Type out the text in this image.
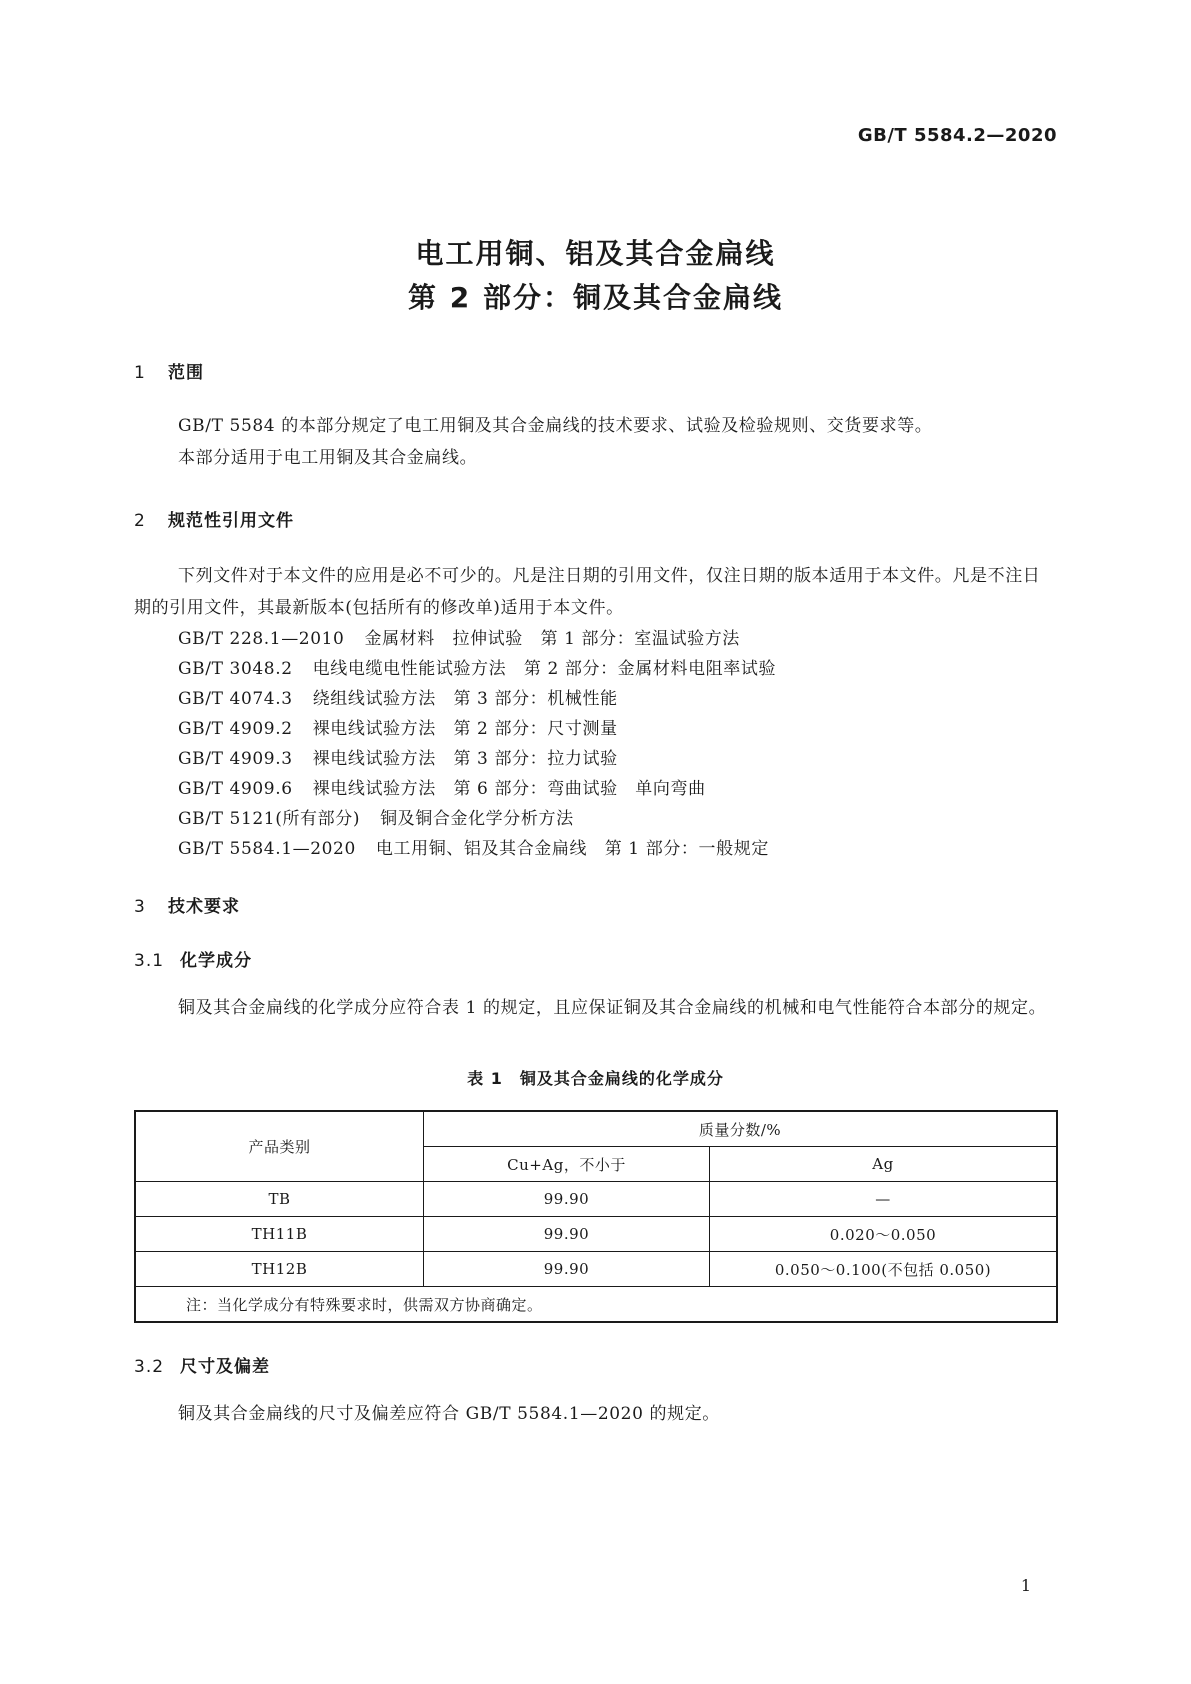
GB/T 5584.2—2020
电工用铜、铝及其合金扁线
第 2 部分：铜及其合金扁线
1 范围
GB/T 5584 的本部分规定了电工用铜及其合金扁线的技术要求、试验及检验规则、交货要求等。
本部分适用于电工用铜及其合金扁线。
2 规范性引用文件
下列文件对于本文件的应用是必不可少的。凡是注日期的引用文件，仅注日期的版本适用于本文件。凡是不注日期的引用文件，其最新版本(包括所有的修改单)适用于本文件。
GB/T 228.1—2010 金属材料　拉伸试验　第 1 部分：室温试验方法
GB/T 3048.2 电线电缆电性能试验方法　第 2 部分：金属材料电阻率试验
GB/T 4074.3 绕组线试验方法　第 3 部分：机械性能
GB/T 4909.2 裸电线试验方法　第 2 部分：尺寸测量
GB/T 4909.3 裸电线试验方法　第 3 部分：拉力试验
GB/T 4909.6 裸电线试验方法　第 6 部分：弯曲试验　单向弯曲
GB/T 5121(所有部分) 铜及铜合金化学分析方法
GB/T 5584.1—2020 电工用铜、铝及其合金扁线　第 1 部分：一般规定
3 技术要求
3.1 化学成分
铜及其合金扁线的化学成分应符合表 1 的规定，且应保证铜及其合金扁线的机械和电气性能符合本部分的规定。
表 1　铜及其合金扁线的化学成分
产品类别	质量分数/%	
	Cu+Ag，不小于	Ag
TB	99.90	—
TH11B	99.90	0.020～0.050
TH12B	99.90	0.050～0.100(不包括 0.050)
注：当化学成分有特殊要求时，供需双方协商确定。		
3.2 尺寸及偏差
铜及其合金扁线的尺寸及偏差应符合 GB/T 5584.1—2020 的规定。
1
